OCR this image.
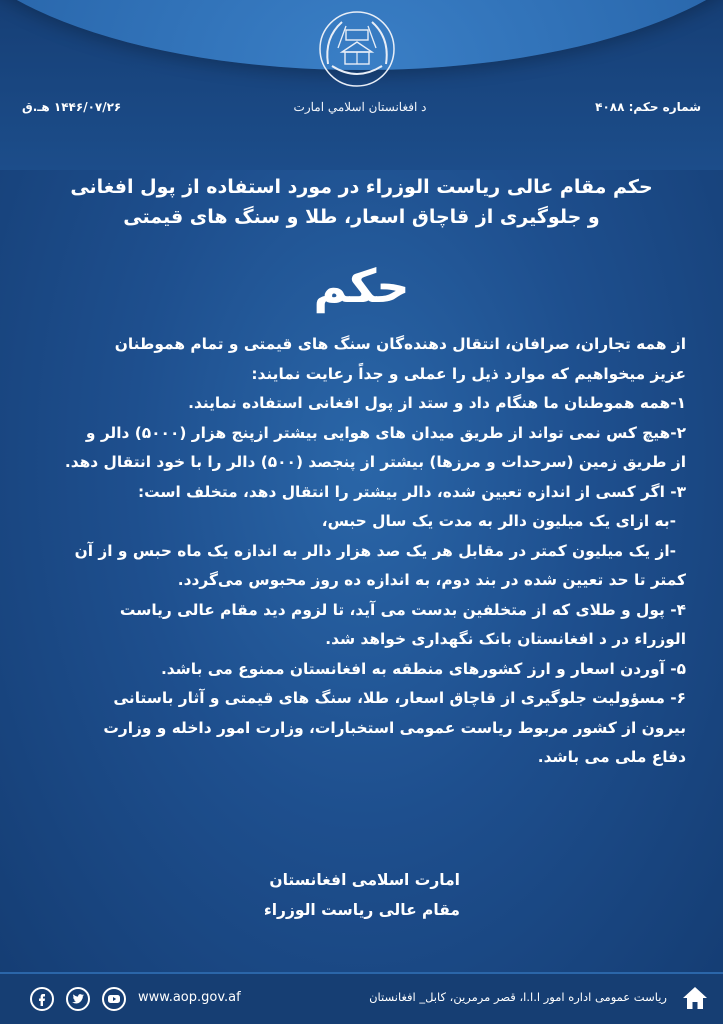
د افغانستان اسلامي امارت	شماره حکم: ۴۰۸۸
۱۴۴۶/۰۷/۲۶ هـ.ق
حکم مقام عالی ریاست الوزراء در مورد استفاده از پول افغانی
و جلوگیری از قاچاق اسعار، طلا و سنگ های قیمتی
حکم

از همه تجاران، صرافان، انتقال دهنده‌گان سنگ های قیمتی و تمام هموطنان

عزیز میخواهیم که موارد ذیل را عملی و جداً رعایت نمایند:

۱-همه هموطنان ما هنگام داد و ستد از پول افغانی استفاده نمایند.

۲-هیچ کس نمی تواند از طریق میدان های هوایی بیشتر ازپنج هزار (۵۰۰۰) دالر و

از طریق زمین (سرحدات و مرزها) بیشتر از پنجصد (۵۰۰) دالر را با خود انتقال دهد.

۳- اگر کسی از اندازه تعیین شده، دالر بیشتر را انتقال دهد، متخلف است:

-به ازای یک میلیون دالر به مدت یک سال حبس،

-از یک میلیون کمتر در مقابل هر یک صد هزار دالر به اندازه یک ماه حبس و از آن

کمتر تا حد تعیین شده در بند دوم، به اندازه ده روز محبوس می‌گردد.

۴- پول و طلای که از متخلفین بدست می آید، تا لزوم دید مقام عالی ریاست

الوزراء در د افغانستان بانک نگهداری خواهد شد.

۵- آوردن اسعار و ارز کشورهای منطقه به افغانستان ممنوع می باشد.

۶- مسؤولیت جلوگیری از قاچاق اسعار، طلا، سنگ های قیمتی و آثار باستانی

بیرون از کشور مربوط ریاست عمومی استخبارات، وزارت امور داخله و وزارت

دفاع ملی می باشد.

امارت اسلامی افغانستان
مقام عالی ریاست الوزراء
www.aop.gov.af	ریاست عمومی اداره امور ا.ا.ا، قصر مرمرین، کابل_ افغانستان
